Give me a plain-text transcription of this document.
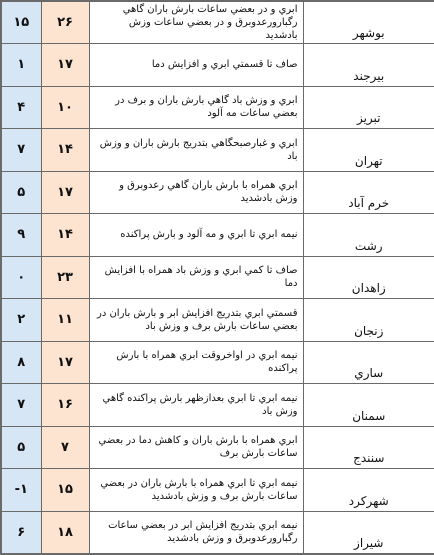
۱۵	۲۶	ابري و در بعضي ساعات بارش باران گاهي رگبارورعدوبرق و در بعضي ساعات وزش بادشديد	بوشهر
۱	۱۷	صاف تا قسمتي ابري و افزايش دما	بيرجند
۴	۱۰	ابري و وزش باد گاهي بارش باران و برف در بعضي ساعات مه آلود	تبريز
۷	۱۴	ابري و غبارصبحگاهي بتدريج بارش باران و وزش باد	تهران
۵	۱۷	ابري همراه با بارش باران گاهي رعدوبرق و وزش بادشديد	خرم آباد
۹	۱۴	نيمه ابري تا ابري و مه آلود و بارش پراكنده	رشت
۰	۲۳	صاف تا كمي ابري و وزش باد همراه با افزايش دما	زاهدان
۲	۱۱	قسمتي ابري بتدريج افزايش ابر و بارش باران در بعضي ساعات بارش برف و وزش باد	زنجان
۸	۱۷	نيمه ابري در اواخروقت ابري همراه با بارش پراكنده	ساري
۷	۱۶	نيمه ابري تا ابري بعدازظهر بارش پراكنده گاهي وزش باد	سمنان
۵	۷	ابري همراه با بارش باران و كاهش دما در بعضي ساعات بارش برف	سنندج
-۱	۱۵	نيمه ابري تا ابري همراه با بارش باران در بعضي ساعات بارش برف و وزش بادشديد	شهركرد
۶	۱۸	نيمه ابري بتدريج افزايش ابر در بعضي ساعات رگبارورعدوبرق و وزش بادشديد	شيراز
